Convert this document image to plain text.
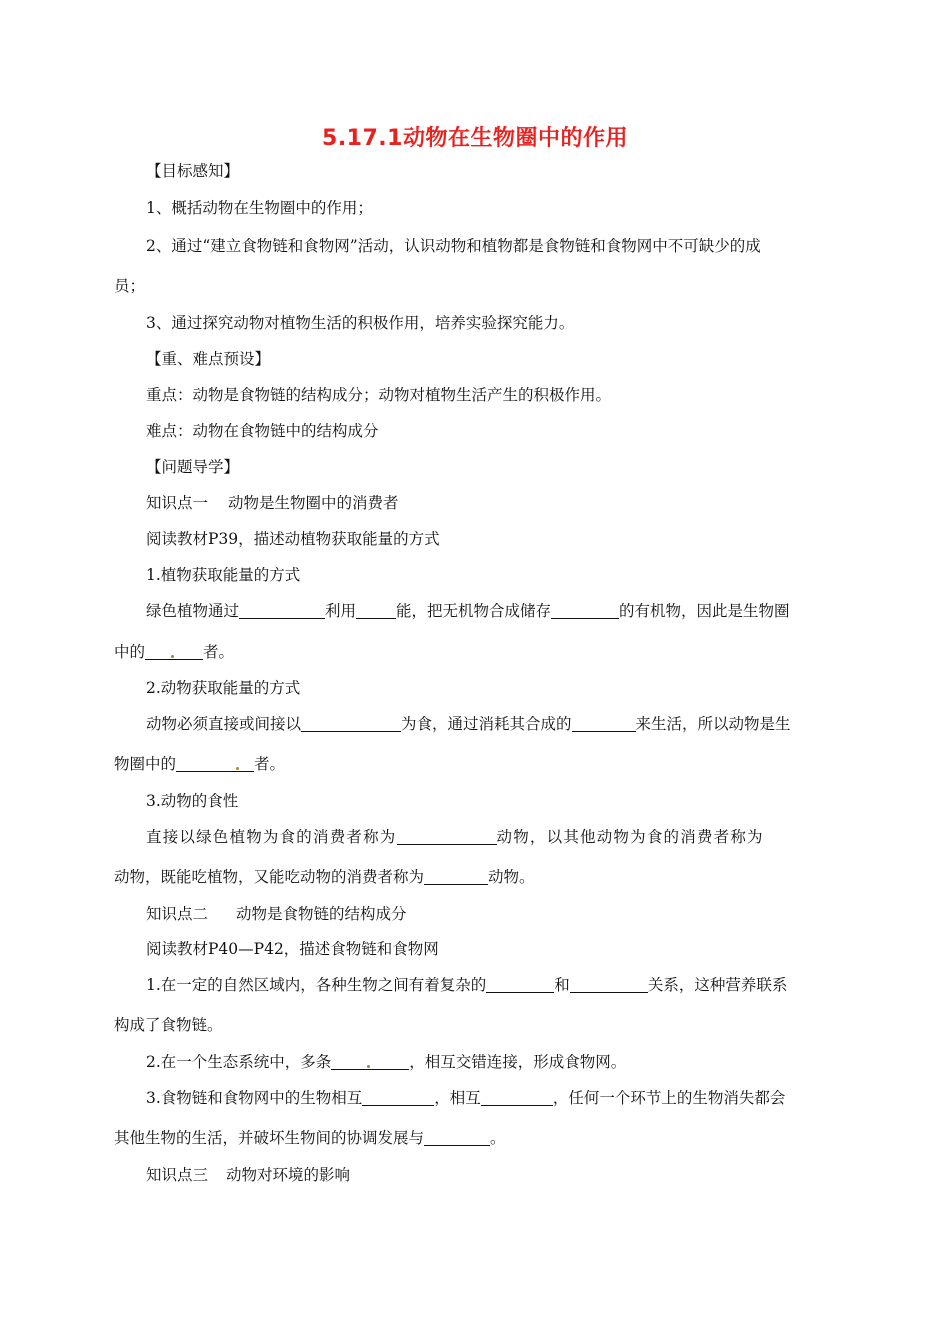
5.17.1动物在生物圈中的作用
【目标感知】
1、概括动物在生物圈中的作用；
2、通过“建立食物链和食物网”活动，认识动物和植物都是食物链和食物网中不可缺少的成
员；
3、通过探究动物对植物生活的积极作用，培养实验探究能力。
【重、难点预设】
重点：动物是食物链的结构成分；动物对植物生活产生的积极作用。
难点：动物在食物链中的结构成分
【问题导学】
知识点一 动物是生物圈中的消费者
阅读教材P39，描述动植物获取能量的方式
1.植物获取能量的方式
绿色植物通过	利用	能，把无机物合成储存	的有机物，因此是生物圈
中的	者。
2.动物获取能量的方式
动物必须直接或间接以	为食，通过消耗其合成的	来生活，所以动物是生
物圈中的	者。
3.动物的食性
直接以绿色植物为食的消费者称为	动物，以其他动物为食的消费者称为
动物，既能吃植物，又能吃动物的消费者称为	动物。
知识点二 动物是食物链的结构成分
阅读教材P40—P42，描述食物链和食物网
1.在一定的自然区域内，各种生物之间有着复杂的	和	关系，这种营养联系
构成了食物链。
2.在一个生态系统中，多条	，相互交错连接，形成食物网。
3.食物链和食物网中的生物相互	，相互	，任何一个环节上的生物消失都会
其他生物的生活，并破坏生物间的协调发展与	。
知识点三 动物对环境的影响
